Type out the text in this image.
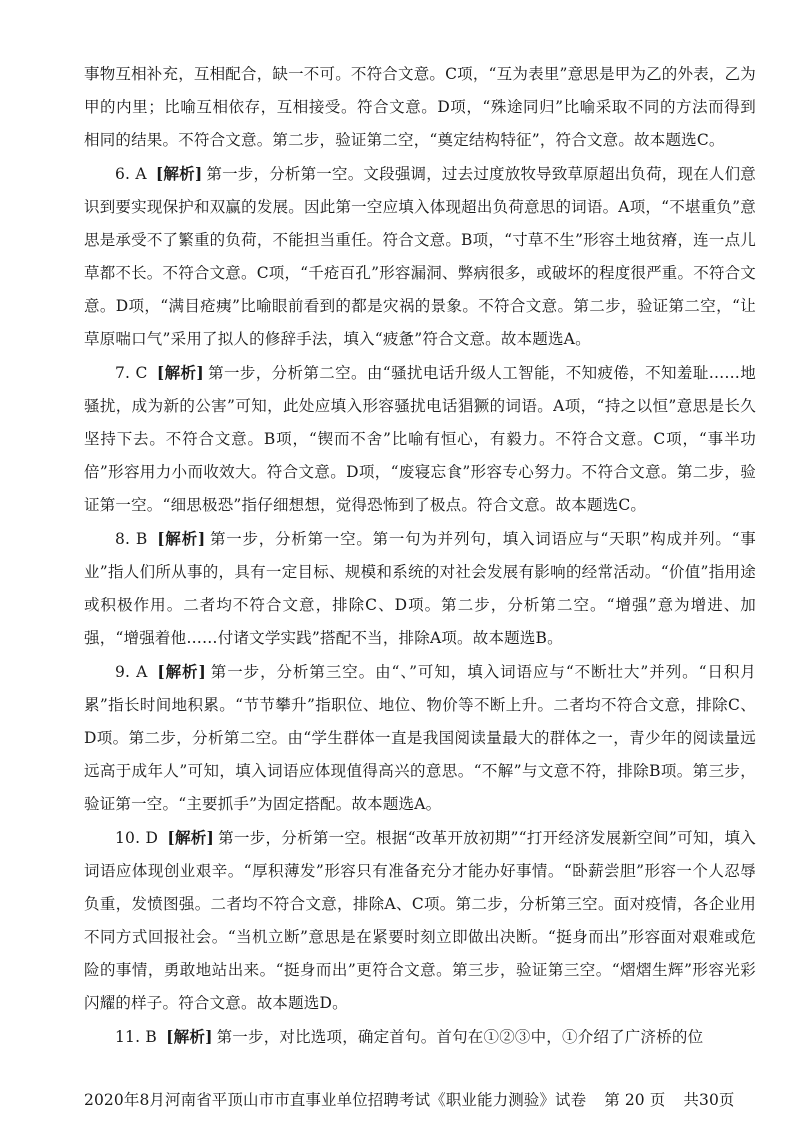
事物互相补充，互相配合，缺一不可。不符合文意。C项，“互为表里”意思是甲为乙的外表，乙为甲的内里；比喻互相依存，互相接受。符合文意。D项，“殊途同归”比喻采取不同的方法而得到相同的结果。不符合文意。第二步，验证第二空，“奠定结构特征”，符合文意。故本题选C。

6. A [解析] 第一步，分析第一空。文段强调，过去过度放牧导致草原超出负荷，现在人们意识到要实现保护和双赢的发展。因此第一空应填入体现超出负荷意思的词语。A项，“不堪重负”意思是承受不了繁重的负荷，不能担当重任。符合文意。B项，“寸草不生”形容土地贫瘠，连一点儿草都不长。不符合文意。C项，“千疮百孔”形容漏洞、弊病很多，或破坏的程度很严重。不符合文意。D项，“满目疮痍”比喻眼前看到的都是灾祸的景象。不符合文意。第二步，验证第二空，“让草原喘口气”采用了拟人的修辞手法，填入“疲惫”符合文意。故本题选A。

7. C [解析] 第一步，分析第二空。由“骚扰电话升级人工智能，不知疲倦，不知羞耻……地骚扰，成为新的公害”可知，此处应填入形容骚扰电话猖獗的词语。A项，“持之以恒”意思是长久坚持下去。不符合文意。B项，“锲而不舍”比喻有恒心，有毅力。不符合文意。C项，“事半功倍”形容用力小而收效大。符合文意。D项，“废寝忘食”形容专心努力。不符合文意。第二步，验证第一空。“细思极恐”指仔细想想，觉得恐怖到了极点。符合文意。故本题选C。

8. B [解析] 第一步，分析第一空。第一句为并列句，填入词语应与“天职”构成并列。“事业”指人们所从事的，具有一定目标、规模和系统的对社会发展有影响的经常活动。“价值”指用途或积极作用。二者均不符合文意，排除C、D项。第二步，分析第二空。“增强”意为增进、加强，“增强着他……付诸文学实践”搭配不当，排除A项。故本题选B。

9. A [解析] 第一步，分析第三空。由“、”可知，填入词语应与“不断壮大”并列。“日积月累”指长时间地积累。“节节攀升”指职位、地位、物价等不断上升。二者均不符合文意，排除C、D项。第二步，分析第二空。由“学生群体一直是我国阅读量最大的群体之一，青少年的阅读量远远高于成年人”可知，填入词语应体现值得高兴的意思。“不解”与文意不符，排除B项。第三步，验证第一空。“主要抓手”为固定搭配。故本题选A。

10. D [解析] 第一步，分析第一空。根据“改革开放初期”“打开经济发展新空间”可知，填入词语应体现创业艰辛。“厚积薄发”形容只有准备充分才能办好事情。“卧薪尝胆”形容一个人忍辱负重，发愤图强。二者均不符合文意，排除A、C项。第二步，分析第三空。面对疫情，各企业用不同方式回报社会。“当机立断”意思是在紧要时刻立即做出决断。“挺身而出”形容面对艰难或危险的事情，勇敢地站出来。“挺身而出”更符合文意。第三步，验证第三空。“熠熠生辉”形容光彩闪耀的样子。符合文意。故本题选D。

11. B [解析] 第一步，对比选项，确定首句。首句在①②③中，①介绍了广济桥的位

2020年8月河南省平顶山市市直事业单位招聘考试《职业能力测验》试卷 第 20 页 共30页
